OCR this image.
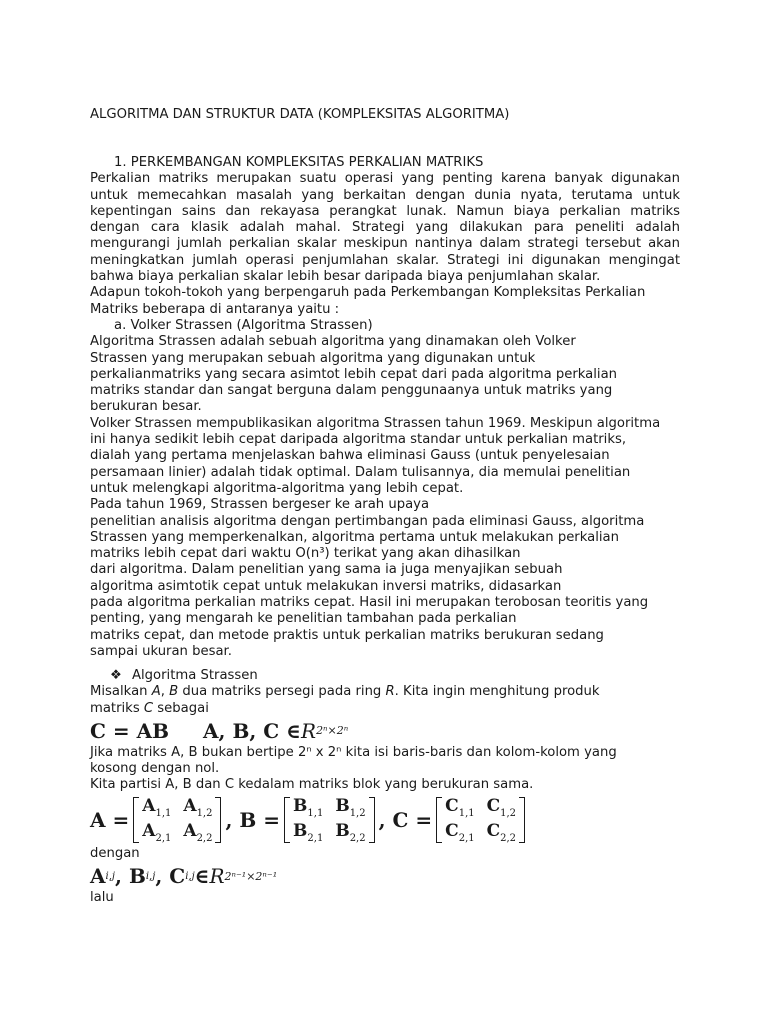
ALGORITMA DAN STRUKTUR DATA (KOMPLEKSITAS ALGORITMA)
1. PERKEMBANGAN KOMPLEKSITAS PERKALIAN MATRIKS
Perkalian matriks merupakan suatu operasi yang penting karena banyak digunakan untuk memecahkan masalah yang berkaitan dengan dunia nyata, terutama untuk kepentingan sains dan rekayasa perangkat lunak. Namun biaya perkalian matriks dengan cara klasik adalah mahal. Strategi yang dilakukan para peneliti adalah mengurangi jumlah perkalian skalar meskipun nantinya dalam strategi tersebut akan meningkatkan jumlah operasi penjumlahan skalar. Strategi ini digunakan mengingat bahwa biaya perkalian skalar lebih besar daripada biaya penjumlahan skalar.
Adapun tokoh-tokoh yang berpengaruh pada Perkembangan Kompleksitas Perkalian Matriks beberapa di antaranya yaitu :
a. Volker Strassen (Algoritma Strassen)
Algoritma Strassen adalah sebuah algoritma yang dinamakan oleh Volker
Strassen yang merupakan sebuah algoritma yang digunakan untuk
perkalianmatriks yang secara asimtot lebih cepat dari pada algoritma perkalian
matriks standar dan sangat berguna dalam penggunaanya untuk matriks yang
berukuran besar.
Volker Strassen mempublikasikan algoritma Strassen tahun 1969. Meskipun algoritma
ini hanya sedikit lebih cepat daripada algoritma standar untuk perkalian matriks,
dialah yang pertama menjelaskan bahwa eliminasi Gauss (untuk penyelesaian
persamaan linier) adalah tidak optimal. Dalam tulisannya, dia memulai penelitian
untuk melengkapi algoritma-algoritma yang lebih cepat.
Pada tahun 1969, Strassen bergeser ke arah upaya
penelitian analisis algoritma dengan pertimbangan pada eliminasi Gauss, algoritma
Strassen yang memperkenalkan, algoritma pertama untuk melakukan perkalian
matriks lebih cepat dari waktu O(n³) terikat yang akan dihasilkan
dari algoritma. Dalam penelitian yang sama ia juga menyajikan sebuah
algoritma asimtotik cepat untuk melakukan inversi matriks, didasarkan
pada algoritma perkalian matriks cepat. Hasil ini merupakan terobosan teoritis yang
penting, yang mengarah ke penelitian tambahan pada perkalian
matriks cepat, dan metode praktis untuk perkalian matriks berukuran sedang
sampai ukuran besar.
❖ Algoritma Strassen
Misalkan A, B dua matriks persegi pada ring R. Kita ingin menghitung produk
matriks C sebagai
C = AB A, B, C ∈ R 2ⁿ×2ⁿ
Jika matriks A, B bukan bertipe 2ⁿ x 2ⁿ kita isi baris-baris dan kolom-kolom yang
kosong dengan nol.
Kita partisi A, B dan C kedalam matriks blok yang berukuran sama.
A =
$A_{1,1}$ $A_{1,2}$
$A_{2,1}$ $A_{2,2}$
, B =
$B_{1,1}$ $B_{1,2}$
$B_{2,1}$ $B_{2,2}$
, C =
$C_{1,1}$ $C_{1,2}$
$C_{2,1}$ $C_{2,2}$
dengan
A i,j , B i,j , C i,j ∈ R 2ⁿ⁻¹×2ⁿ⁻¹
lalu
